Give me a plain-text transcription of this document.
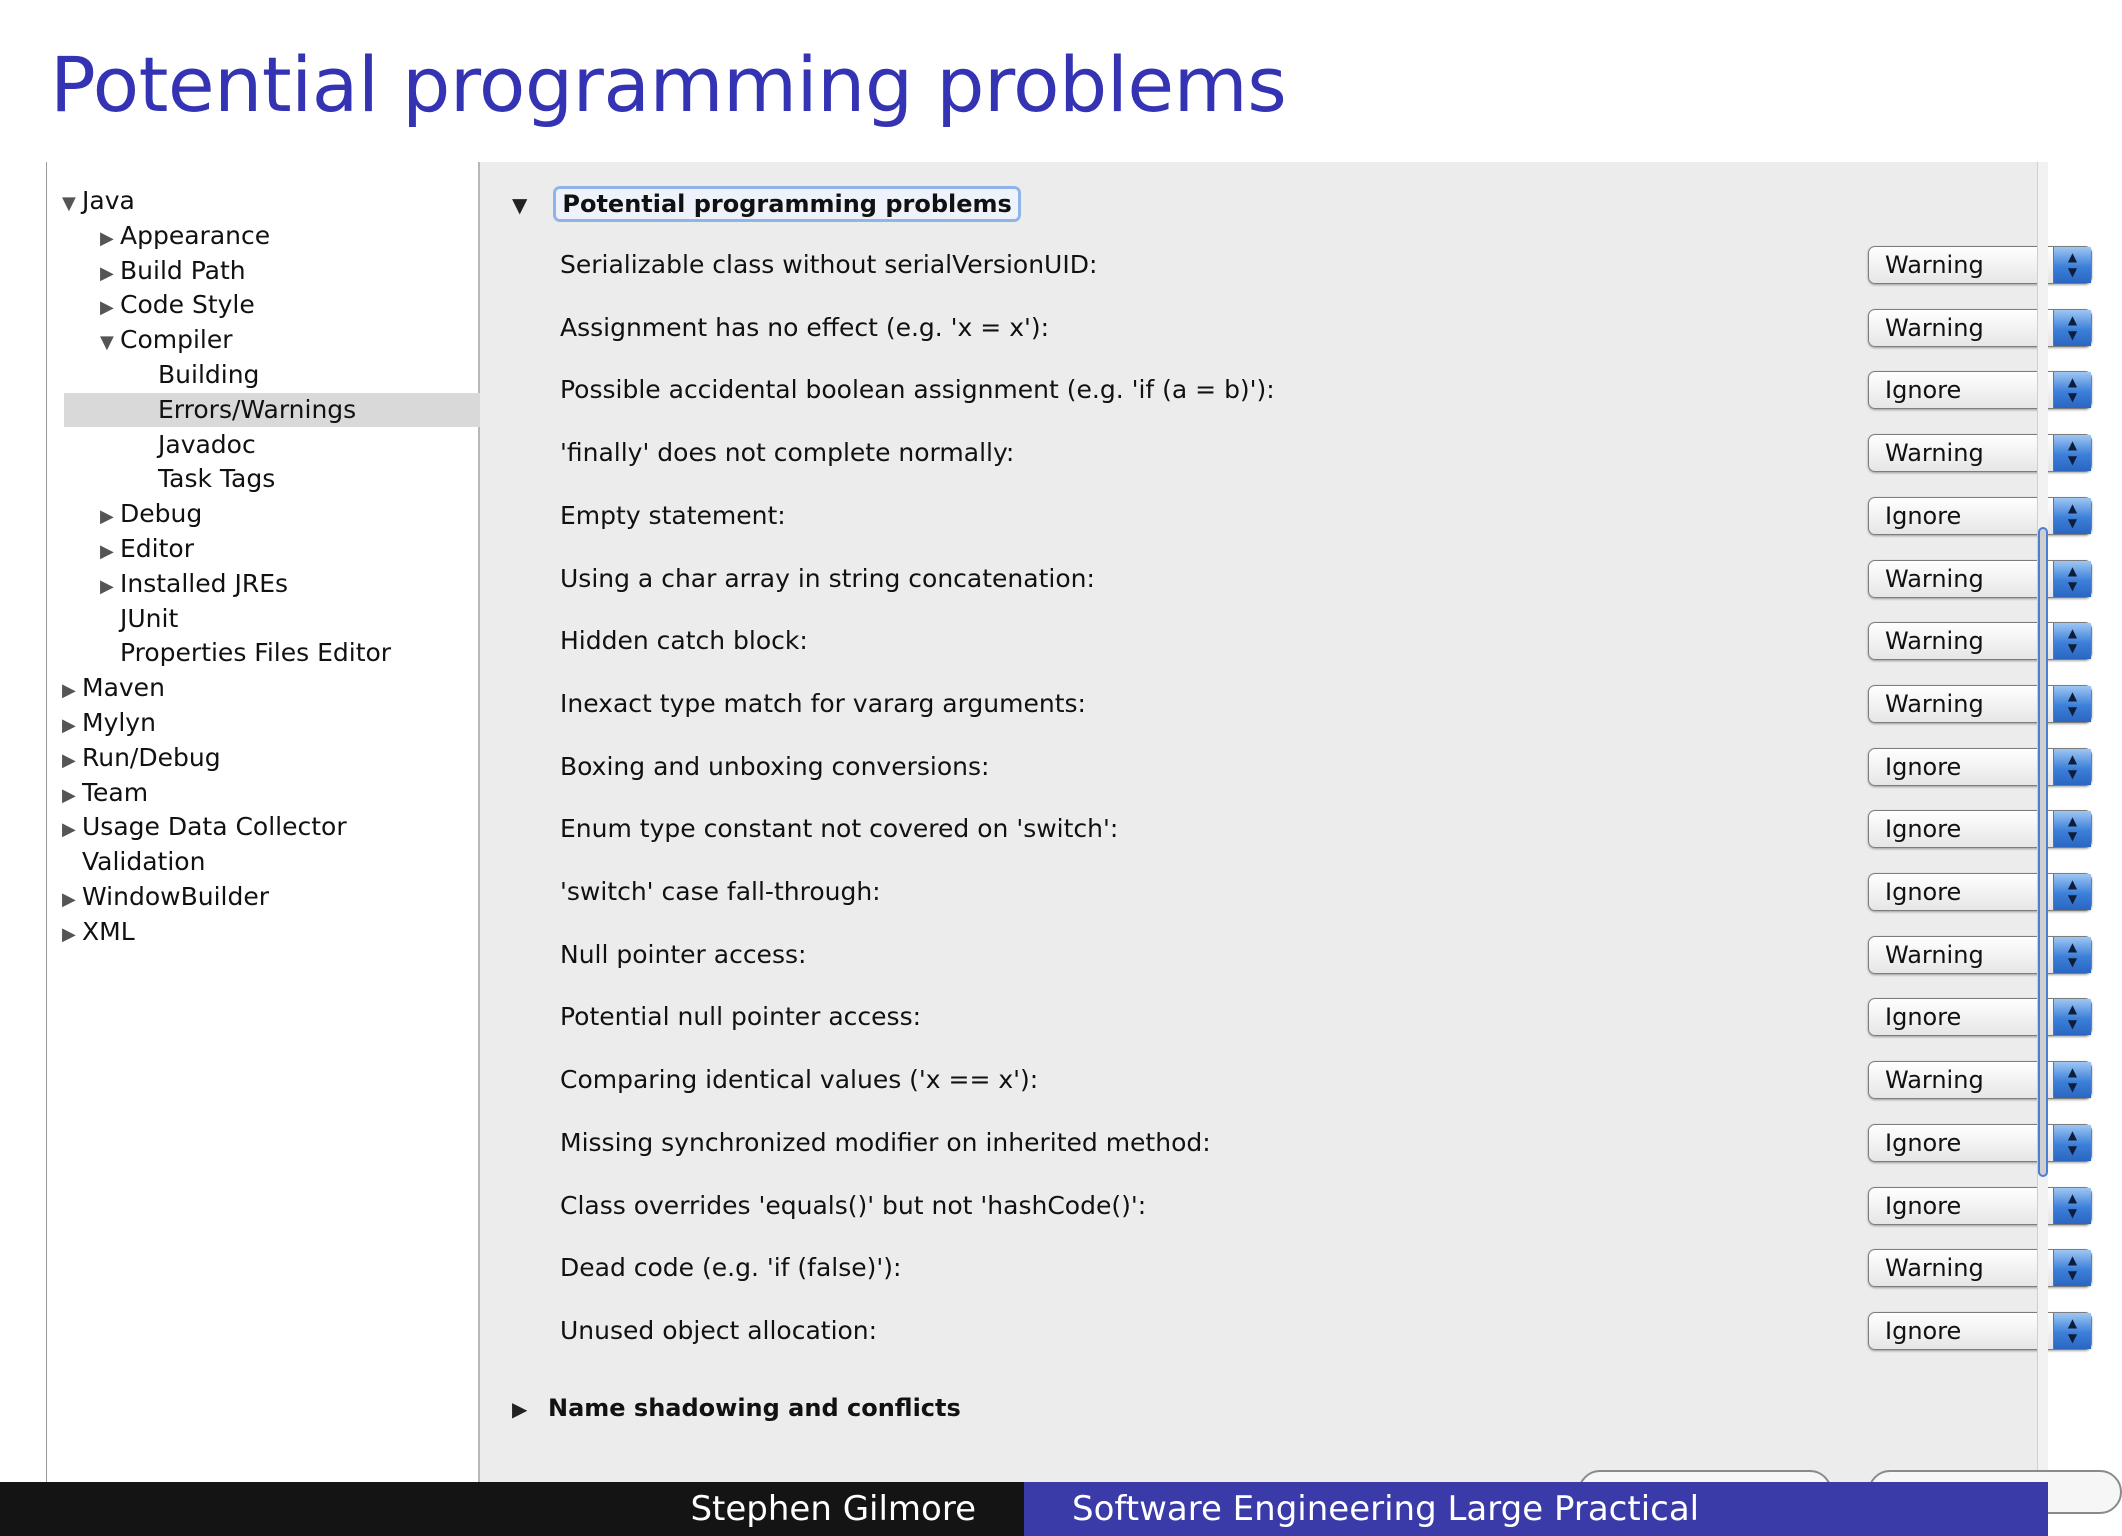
Potential programming problems
▼ Java
▶ Appearance
▶ Build Path
▶ Code Style
▼ Compiler
Building
Errors/Warnings
Javadoc
Task Tags
▶ Debug
▶ Editor
▶ Installed JREs
JUnit
Properties Files Editor
▶ Maven
▶ Mylyn
▶ Run/Debug
▶ Team
▶ Usage Data Collector
Validation
▶ WindowBuilder
▶ XML
▼ Potential programming problems
Serializable class without serialVersionUID:	Warning	▲
▼
Assignment has no effect (e.g. 'x = x'):	Warning	▲
▼
Possible accidental boolean assignment (e.g. 'if (a = b)'):	Ignore	▲
▼
'finally' does not complete normally:	Warning	▲
▼
Empty statement:	Ignore	▲
▼
Using a char array in string concatenation:	Warning	▲
▼
Hidden catch block:	Warning	▲
▼
Inexact type match for vararg arguments:	Warning	▲
▼
Boxing and unboxing conversions:	Ignore	▲
▼
Enum type constant not covered on 'switch':	Ignore	▲
▼
'switch' case fall-through:	Ignore	▲
▼
Null pointer access:	Warning	▲
▼
Potential null pointer access:	Ignore	▲
▼
Comparing identical values ('x == x'):	Warning	▲
▼
Missing synchronized modifier on inherited method:	Ignore	▲
▼
Class overrides 'equals()' but not 'hashCode()':	Ignore	▲
▼
Dead code (e.g. 'if (false)'):	Warning	▲
▼
Unused object allocation:	Ignore	▲
▼
▶ Name shadowing and conflicts
Stephen Gilmore	Software Engineering Large Practical
